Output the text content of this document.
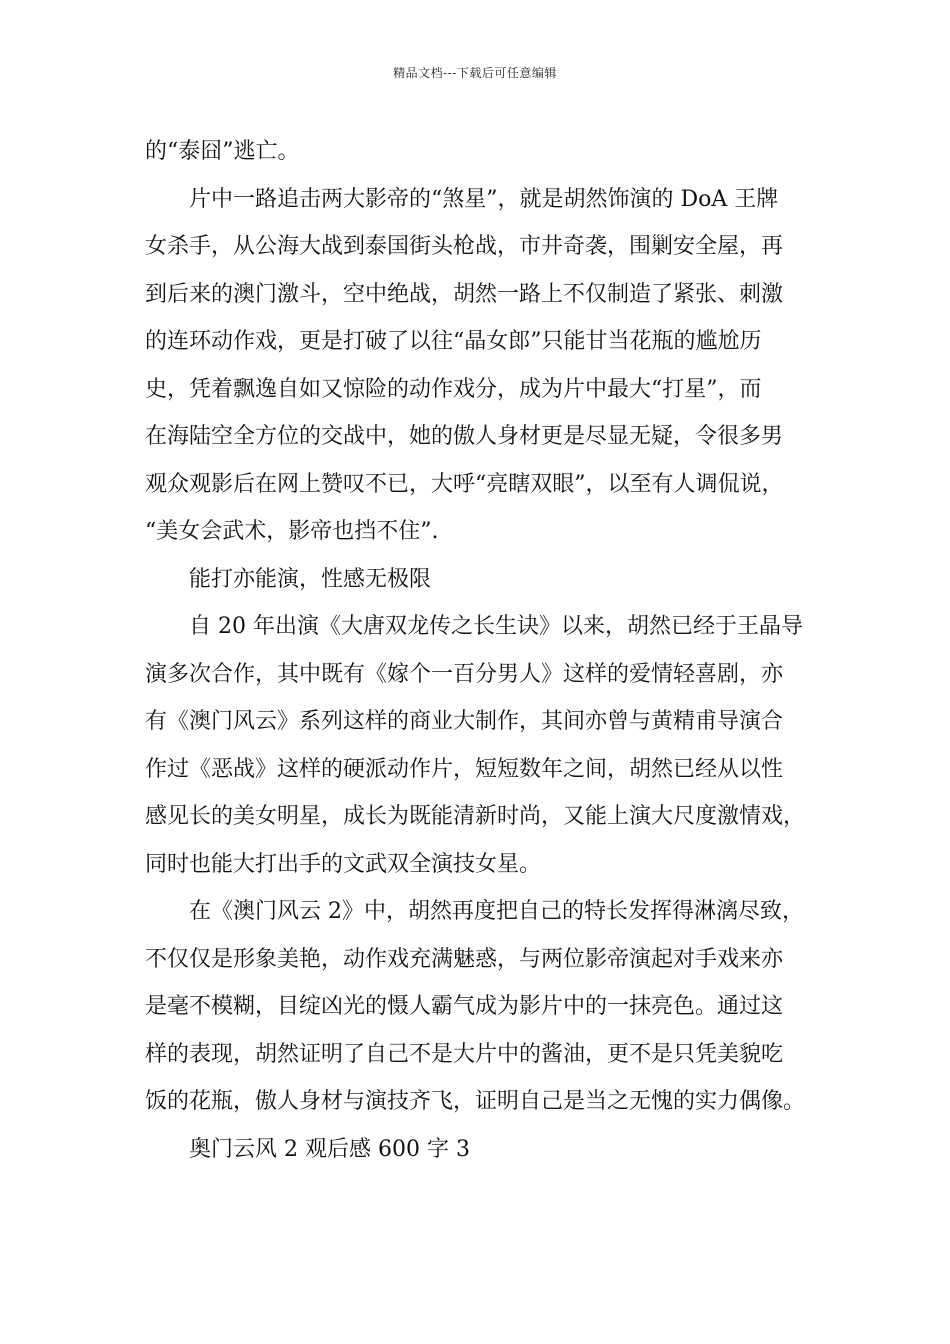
精品文档---下载后可任意编辑
的“泰囧”逃亡。
片中一路追击两大影帝的“煞星”，就是胡然饰演的 DoA 王牌
女杀手，从公海大战到泰国街头枪战，市井奇袭，围剿安全屋，再
到后来的澳门激斗，空中绝战，胡然一路上不仅制造了紧张、刺激
的连环动作戏，更是打破了以往“晶女郎”只能甘当花瓶的尴尬历
史，凭着飘逸自如又惊险的动作戏分，成为片中最大“打星”，而
在海陆空全方位的交战中，她的傲人身材更是尽显无疑，令很多男
观众观影后在网上赞叹不已，大呼“亮瞎双眼”，以至有人调侃说，
“美女会武术，影帝也挡不住”.
能打亦能演，性感无极限
自 20 年出演《大唐双龙传之长生诀》以来，胡然已经于王晶导
演多次合作，其中既有《嫁个一百分男人》这样的爱情轻喜剧，亦
有《澳门风云》系列这样的商业大制作，其间亦曾与黄精甫导演合
作过《恶战》这样的硬派动作片，短短数年之间，胡然已经从以性
感见长的美女明星，成长为既能清新时尚，又能上演大尺度激情戏，
同时也能大打出手的文武双全演技女星。
在《澳门风云 2》中，胡然再度把自己的特长发挥得淋漓尽致，
不仅仅是形象美艳，动作戏充满魅惑，与两位影帝演起对手戏来亦
是毫不模糊，目绽凶光的慑人霸气成为影片中的一抹亮色。通过这
样的表现，胡然证明了自己不是大片中的酱油，更不是只凭美貌吃
饭的花瓶，傲人身材与演技齐飞，证明自己是当之无愧的实力偶像。
奥门云风 2 观后感 600 字 3
